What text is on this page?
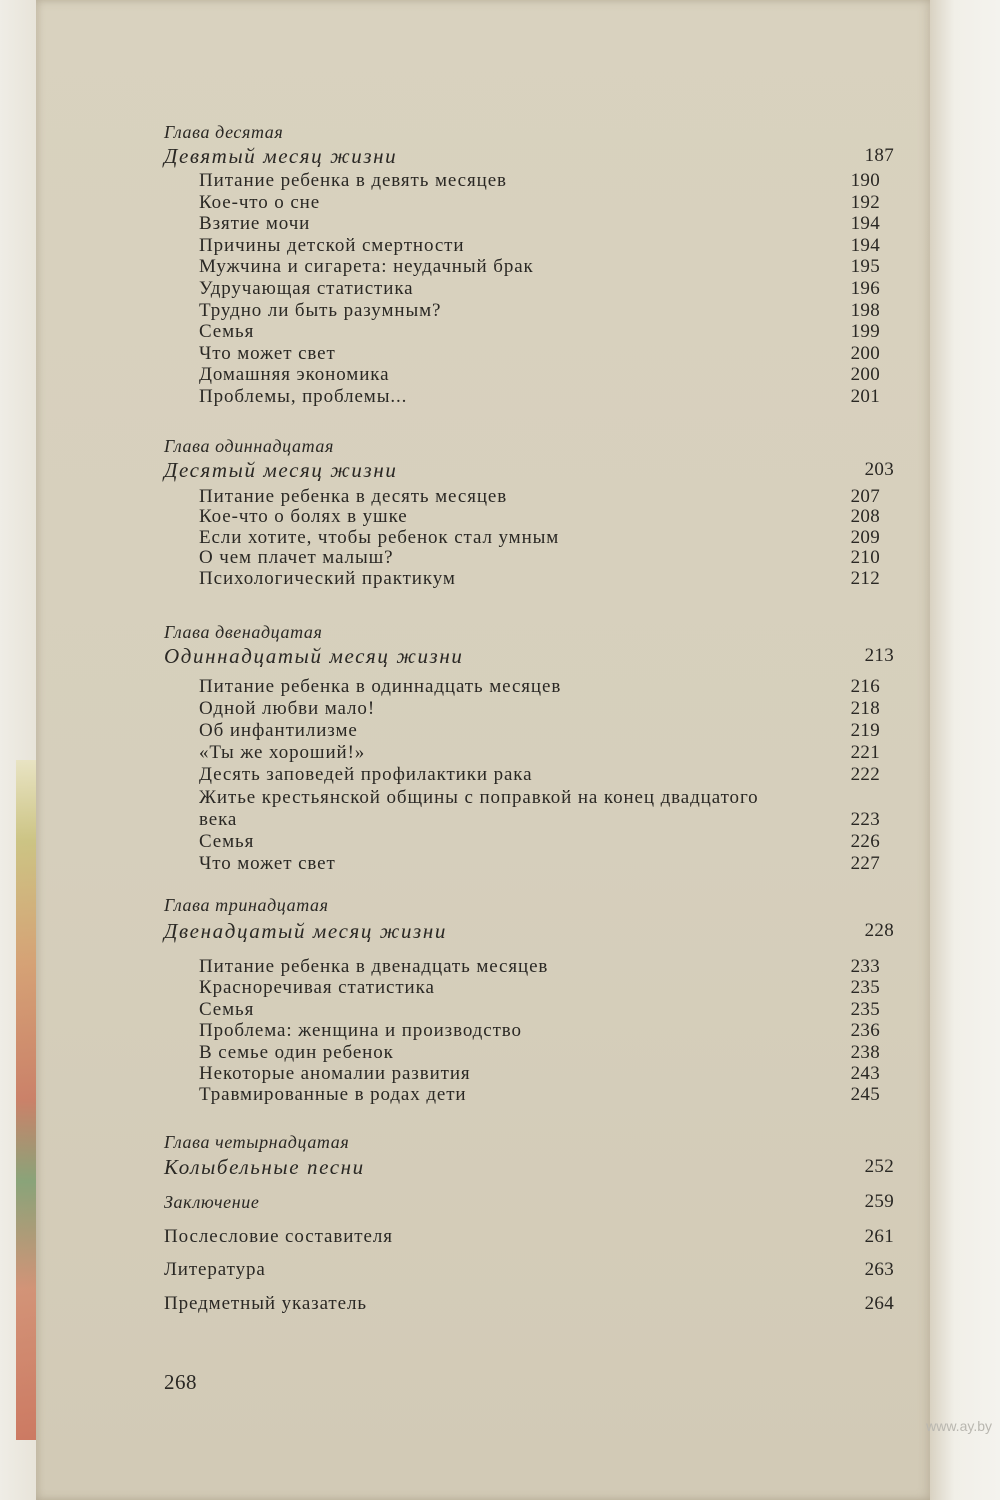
www.ay.by
Глава десятая
Девятый месяц жизни	187
Питание ребенка в девять месяцев	190
Кое-что о сне	192
Взятие мочи	194
Причины детской смертности	194
Мужчина и сигарета: неудачный брак	195
Удручающая статистика	196
Трудно ли быть разумным?	198
Семья	199
Что может свет	200
Домашняя экономика	200
Проблемы, проблемы...	201
Глава одиннадцатая
Десятый месяц жизни	203
Питание ребенка в десять месяцев	207
Кое-что о болях в ушке	208
Если хотите, чтобы ребенок стал умным	209
О чем плачет малыш?	210
Психологический практикум	212
Глава двенадцатая
Одиннадцатый месяц жизни	213
Питание ребенка в одиннадцать месяцев	216
Одной любви мало!	218
Об инфантилизме	219
«Ты же хороший!»	221
Десять заповедей профилактики рака	222
Житье крестьянской общины с поправкой на конец двадцатого
века	223
Семья	226
Что может свет	227
Глава тринадцатая
Двенадцатый месяц жизни	228
Питание ребенка в двенадцать месяцев	233
Красноречивая статистика	235
Семья	235
Проблема: женщина и производство	236
В семье один ребенок	238
Некоторые аномалии развития	243
Травмированные в родах дети	245
Глава четырнадцатая
Колыбельные песни	252
Заключение	259
Послесловие составителя	261
Литература	263
Предметный указатель	264
268
